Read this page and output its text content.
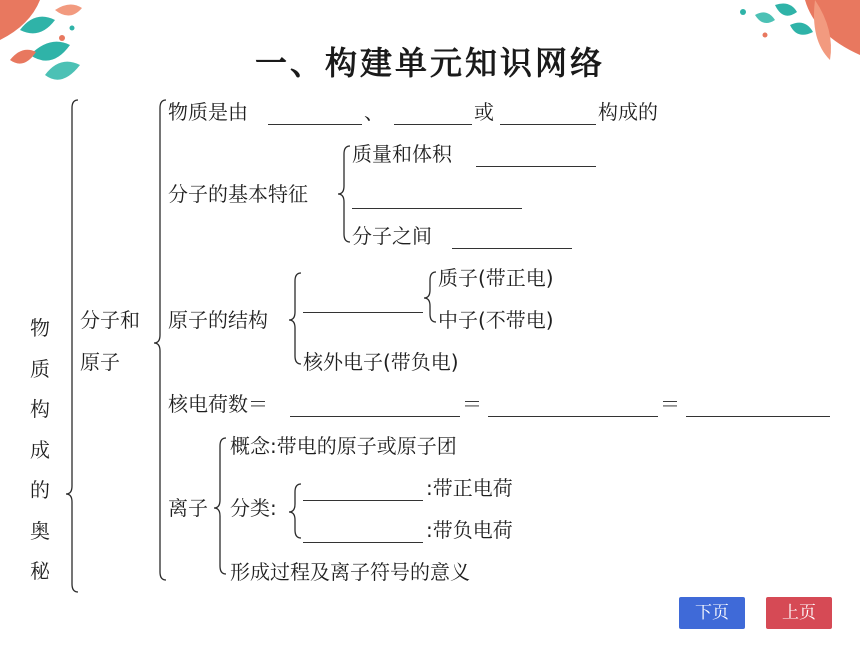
一、构建单元知识网络
物质构成的奥秘
分子和
原子
物质是由	、	或	构成的
分子的基本特征
质量和体积
分子之间
原子的结构
质子(带正电)
中子(不带电)
核外电子(带负电)
核电荷数＝	＝	＝
离子
概念:带电的原子或原子团
分类:
:带正电荷
:带负电荷
形成过程及离子符号的意义
下页	上页
